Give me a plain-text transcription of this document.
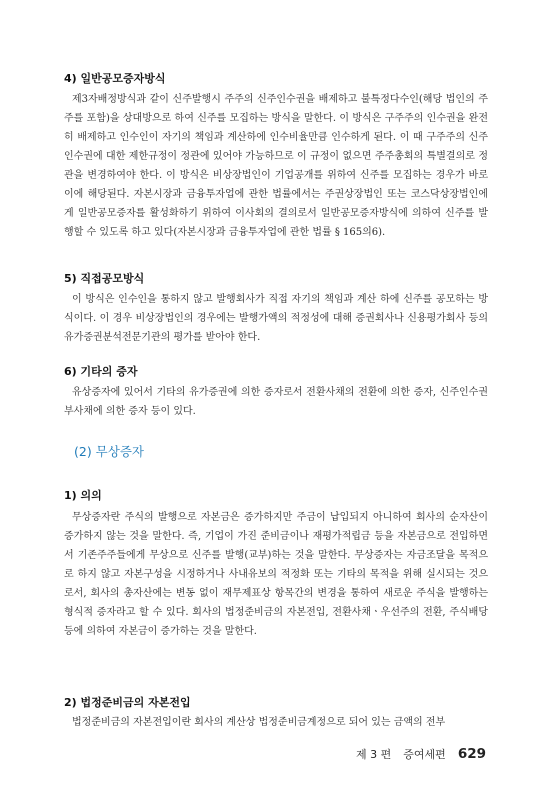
4) 일반공모증자방식

제3자배정방식과 같이 신주발행시 주주의 신주인수권을 배제하고 불특정다수인(해당 법인의 주주를 포함)을 상대방으로 하여 신주를 모집하는 방식을 말한다. 이 방식은 구주주의 인수권을 완전히 배제하고 인수인이 자기의 책임과 계산하에 인수비율만큼 인수하게 된다. 이 때 구주주의 신주인수권에 대한 제한규정이 정관에 있어야 가능하므로 이 규정이 없으면 주주총회의 특별결의로 정관을 변경하여야 한다. 이 방식은 비상장법인이 기업공개를 위하여 신주를 모집하는 경우가 바로 이에 해당된다. 자본시장과 금융투자업에 관한 법률에서는 주권상장법인 또는 코스닥상장법인에게 일반공모증자를 활성화하기 위하여 이사회의 결의로서 일반공모증자방식에 의하여 신주를 발행할 수 있도록 하고 있다(자본시장과 금융투자업에 관한 법률 § 165의6).

5) 직접공모방식

이 방식은 인수인을 통하지 않고 발행회사가 직접 자기의 책임과 계산 하에 신주를 공모하는 방식이다. 이 경우 비상장법인의 경우에는 발행가액의 적정성에 대해 증권회사나 신용평가회사 등의 유가증권분석전문기관의 평가를 받아야 한다.

6) 기타의 증자

유상증자에 있어서 기타의 유가증권에 의한 증자로서 전환사채의 전환에 의한 증자, 신주인수권부사채에 의한 증자 등이 있다.

(2) 무상증자
1) 의의

무상증자란 주식의 발행으로 자본금은 증가하지만 주금이 납입되지 아니하여 회사의 순자산이 증가하지 않는 것을 말한다. 즉, 기업이 가진 준비금이나 재평가적립금 등을 자본금으로 전입하면서 기존주주들에게 무상으로 신주를 발행(교부)하는 것을 말한다. 무상증자는 자금조달을 목적으로 하지 않고 자본구성을 시정하거나 사내유보의 적정화 또는 기타의 목적을 위해 실시되는 것으로서, 회사의 총자산에는 변동 없이 재무제표상 항목간의 변경을 통하여 새로운 주식을 발행하는 형식적 증자라고 할 수 있다. 회사의 법정준비금의 자본전입, 전환사채ㆍ우선주의 전환, 주식배당 등에 의하여 자본금이 증가하는 것을 말한다.

2) 법정준비금의 자본전입

법정준비금의 자본전입이란 회사의 계산상 법정준비금계정으로 되어 있는 금액의 전부

제 3 편 증여세편 629
